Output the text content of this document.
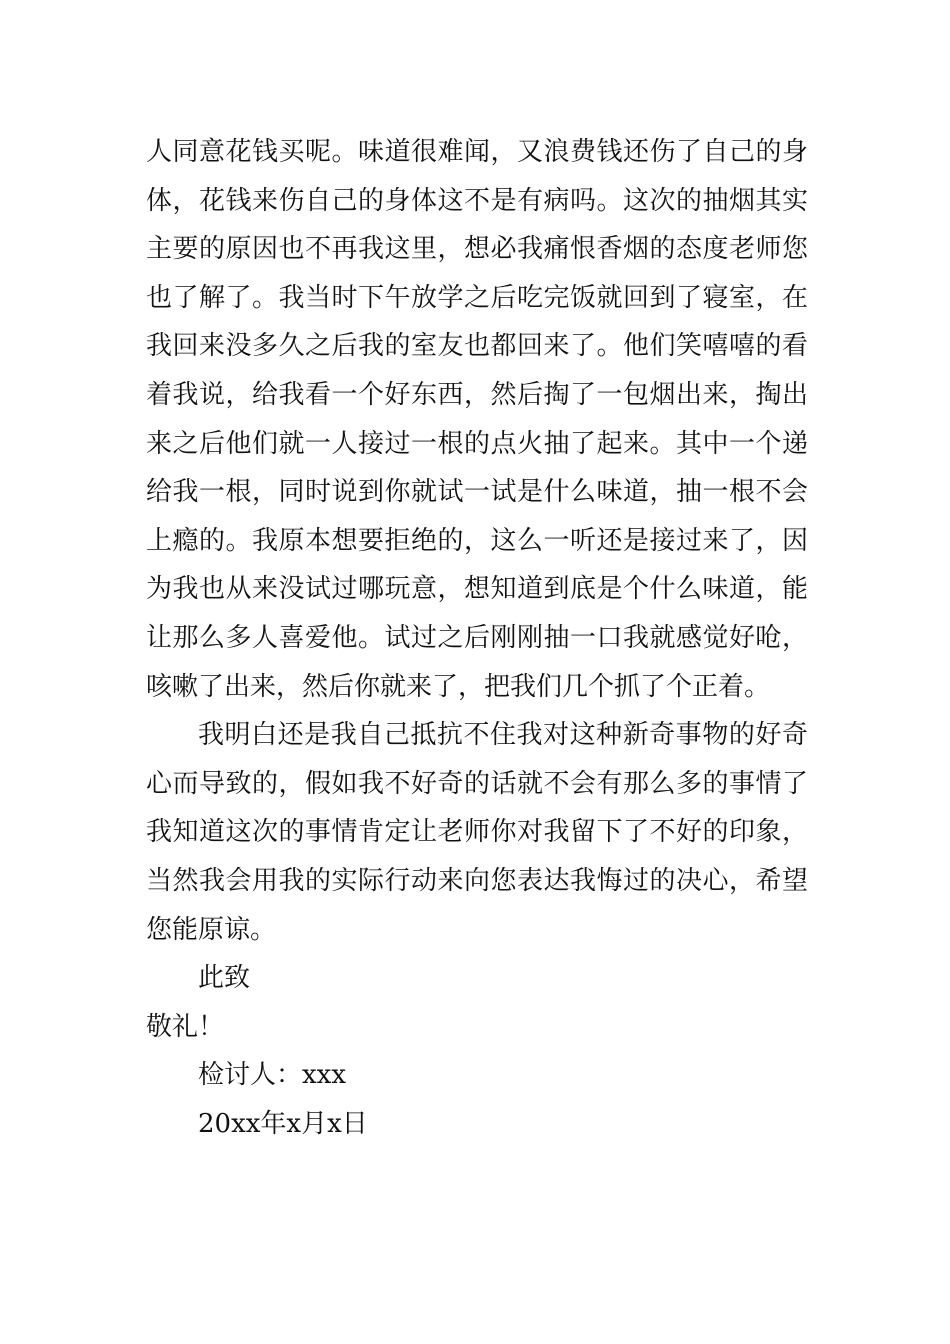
人同意花钱买呢。味道很难闻，又浪费钱还伤了自己的身体，花钱来伤自己的身体这不是有病吗。这次的抽烟其实主要的原因也不再我这里，想必我痛恨香烟的态度老师您也了解了。我当时下午放学之后吃完饭就回到了寝室，在我回来没多久之后我的室友也都回来了。他们笑嘻嘻的看着我说，给我看一个好东西，然后掏了一包烟出来，掏出来之后他们就一人接过一根的点火抽了起来。其中一个递给我一根，同时说到你就试一试是什么味道，抽一根不会上瘾的。我原本想要拒绝的，这么一听还是接过来了，因为我也从来没试过哪玩意，想知道到底是个什么味道，能让那么多人喜爱他。试过之后刚刚抽一口我就感觉好呛，咳嗽了出来，然后你就来了，把我们几个抓了个正着。

我明白还是我自己抵抗不住我对这种新奇事物的好奇心而导致的，假如我不好奇的话就不会有那么多的事情了我知道这次的事情肯定让老师你对我留下了不好的印象，当然我会用我的实际行动来向您表达我悔过的决心，希望您能原谅。

此致

敬礼！

检讨人：xxx

20xx年x月x日
